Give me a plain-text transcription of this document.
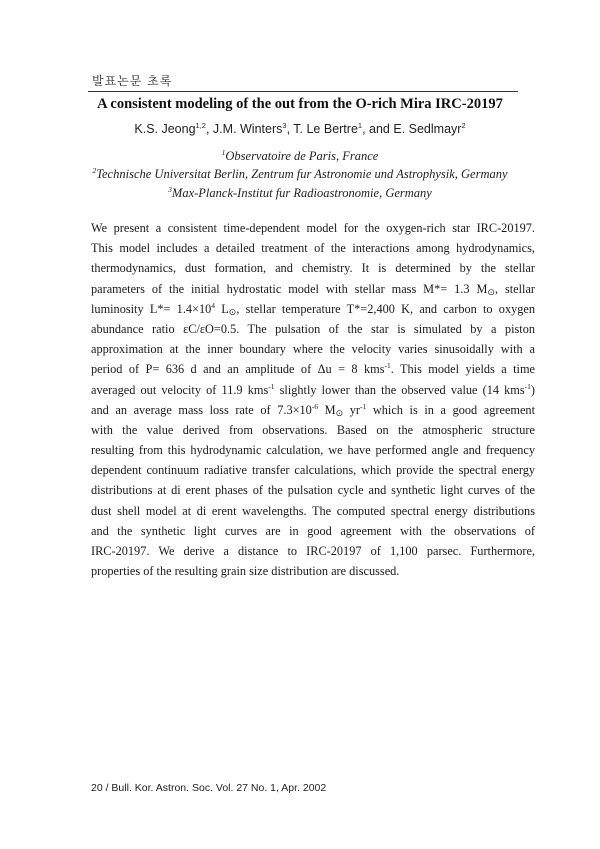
발표논문 초록
A consistent modeling of the out from the O-rich Mira IRC-20197
K.S. Jeong$^{1,2}$, J.M. Winters$^3$, T. Le Bertre$^1$, and E. Sedlmayr$^2$
$^1$Observatoire de Paris, France
$^2$Technische Universitat Berlin, Zentrum fur Astronomie und Astrophysik, Germany
$^3$Max-Planck-Institut fur Radioastronomie, Germany
We present a consistent time-dependent model for the oxygen-rich star IRC-20197.
This model includes a detailed treatment of the interactions among hydrodynamics,
thermodynamics, dust formation, and chemistry. It is determined by the stellar
parameters of the initial hydrostatic model with stellar mass M*= 1.3 M⊙, stellar
luminosity $L*= 1.4\times 10^4$ L⊙, stellar temperature T*=2,400 K, and carbon to oxygen
abundance ratio εC/εO=0.5. The pulsation of the star is simulated by a piston
approximation at the inner boundary where the velocity varies sinusoidally with a
period of P= 636 d and an amplitude of Δu = 8 kms$^{-1}$. This model yields a time
averaged out velocity of 11.9 kms$^{-1}$ slightly lower than the observed value (14 kms$^{-1}$)
and an average mass loss rate of $7.3\times 10^{-6}$ M⊙ $yr^{-1}$ which is in a good agreement
with the value derived from observations. Based on the atmospheric structure
resulting from this hydrodynamic calculation, we have performed angle and frequency
dependent continuum radiative transfer calculations, which provide the spectral energy
distributions at di erent phases of the pulsation cycle and synthetic light curves of the
dust shell model at di erent wavelengths. The computed spectral energy distributions
and the synthetic light curves are in good agreement with the observations of
IRC-20197. We derive a distance to IRC-20197 of 1,100 parsec. Furthermore,
properties of the resulting grain size distribution are discussed.
20 / Bull. Kor. Astron. Soc. Vol. 27 No. 1, Apr. 2002
